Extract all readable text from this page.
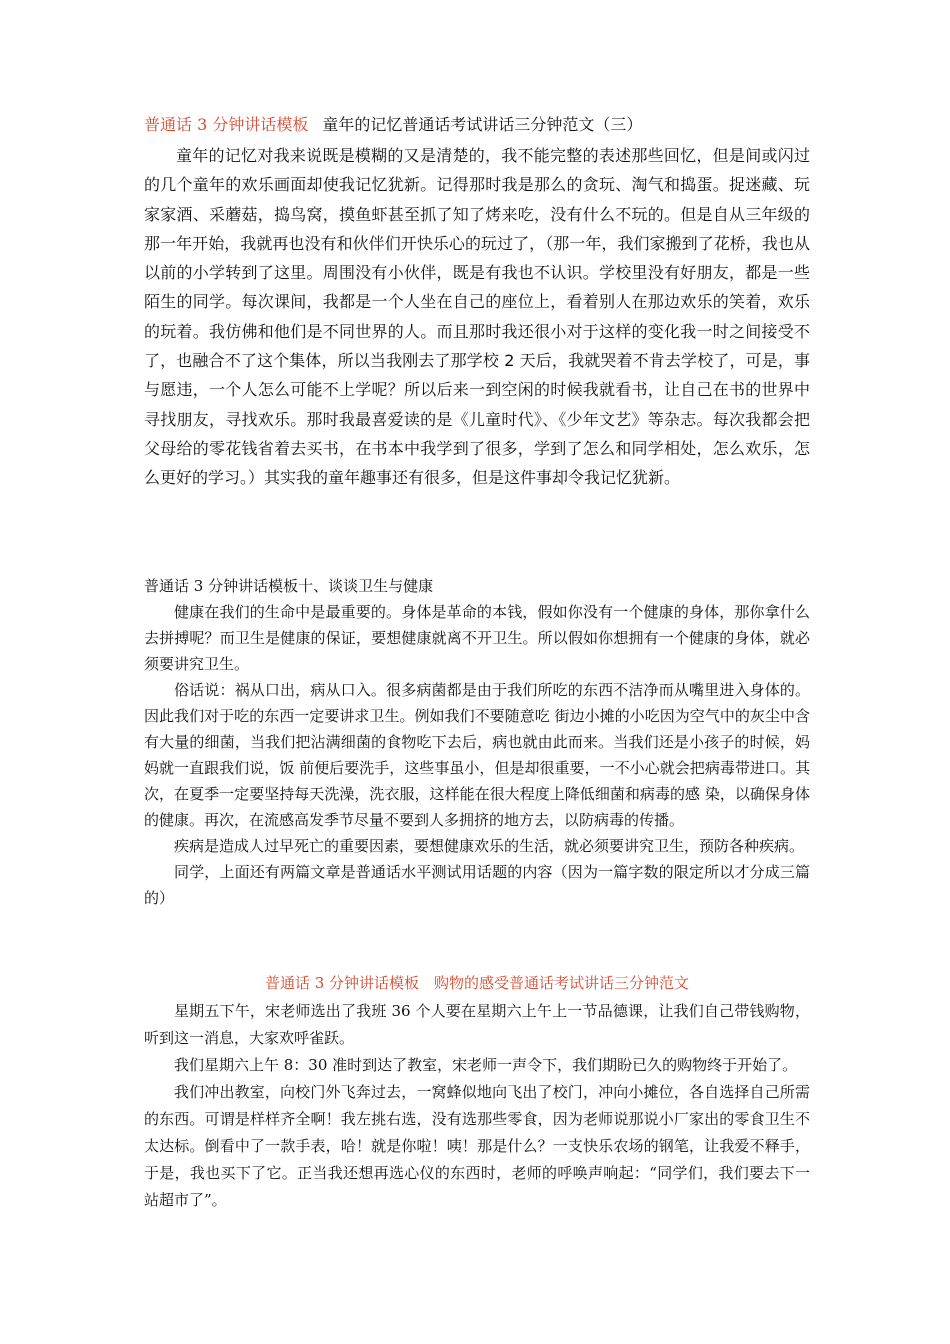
普通话 3 分钟讲话模板 童年的记忆普通话考试讲话三分钟范文（三）

童年的记忆对我来说既是模糊的又是清楚的，我不能完整的表述那些回忆，但是间或闪过的几个童年的欢乐画面却使我记忆犹新。记得那时我是那么的贪玩、淘气和捣蛋。捉迷藏、玩家家酒、采蘑菇，捣鸟窝，摸鱼虾甚至抓了知了烤来吃，没有什么不玩的。但是自从三年级的那一年开始，我就再也没有和伙伴们开快乐心的玩过了，（那一年，我们家搬到了花桥，我也从以前的小学转到了这里。周围没有小伙伴，既是有我也不认识。学校里没有好朋友，都是一些陌生的同学。每次课间，我都是一个人坐在自己的座位上，看着别人在那边欢乐的笑着，欢乐的玩着。我仿佛和他们是不同世界的人。而且那时我还很小对于这样的变化我一时之间接受不了，也融合不了这个集体，所以当我刚去了那学校 2 天后，我就哭着不肯去学校了，可是，事与愿违，一个人怎么可能不上学呢？所以后来一到空闲的时候我就看书，让自己在书的世界中寻找朋友，寻找欢乐。那时我最喜爱读的是《儿童时代》、《少年文艺》等杂志。每次我都会把父母给的零花钱省着去买书，在书本中我学到了很多，学到了怎么和同学相处，怎么欢乐，怎么更好的学习。）其实我的童年趣事还有很多，但是这件事却令我记忆犹新。

普通话 3 分钟讲话模板十、谈谈卫生与健康

健康在我们的生命中是最重要的。身体是革命的本钱，假如你没有一个健康的身体，那你拿什么去拼搏呢？而卫生是健康的保证，要想健康就离不开卫生。所以假如你想拥有一个健康的身体，就必须要讲究卫生。

俗话说：祸从口出，病从口入。很多病菌都是由于我们所吃的东西不洁净而从嘴里进入身体的。因此我们对于吃的东西一定要讲求卫生。例如我们不要随意吃 街边小摊的小吃因为空气中的灰尘中含有大量的细菌，当我们把沾满细菌的食物吃下去后，病也就由此而来。当我们还是小孩子的时候，妈妈就一直跟我们说，饭 前便后要洗手，这些事虽小，但是却很重要，一不小心就会把病毒带进口。其次，在夏季一定要坚持每天洗澡，洗衣服，这样能在很大程度上降低细菌和病毒的感 染，以确保身体的健康。再次，在流感高发季节尽量不要到人多拥挤的地方去，以防病毒的传播。

疾病是造成人过早死亡的重要因素，要想健康欢乐的生活，就必须要讲究卫生，预防各种疾病。

同学，上面还有两篇文章是普通话水平测试用话题的内容（因为一篇字数的限定所以才分成三篇的）

普通话 3 分钟讲话模板　购物的感受普通话考试讲话三分钟范文

星期五下午，宋老师选出了我班 36 个人要在星期六上午上一节品德课，让我们自己带钱购物，听到这一消息，大家欢呼雀跃。

我们星期六上午 8：30 准时到达了教室，宋老师一声令下，我们期盼已久的购物终于开始了。

我们冲出教室，向校门外飞奔过去，一窝蜂似地向飞出了校门，冲向小摊位，各自选择自己所需的东西。可谓是样样齐全啊！我左挑右选，没有选那些零食，因为老师说那说小厂家出的零食卫生不太达标。倒看中了一款手表，哈！就是你啦！咦！那是什么？一支快乐农场的钢笔，让我爱不释手，于是，我也买下了它。正当我还想再选心仪的东西时，老师的呼唤声响起：“同学们，我们要去下一站超市了”。
